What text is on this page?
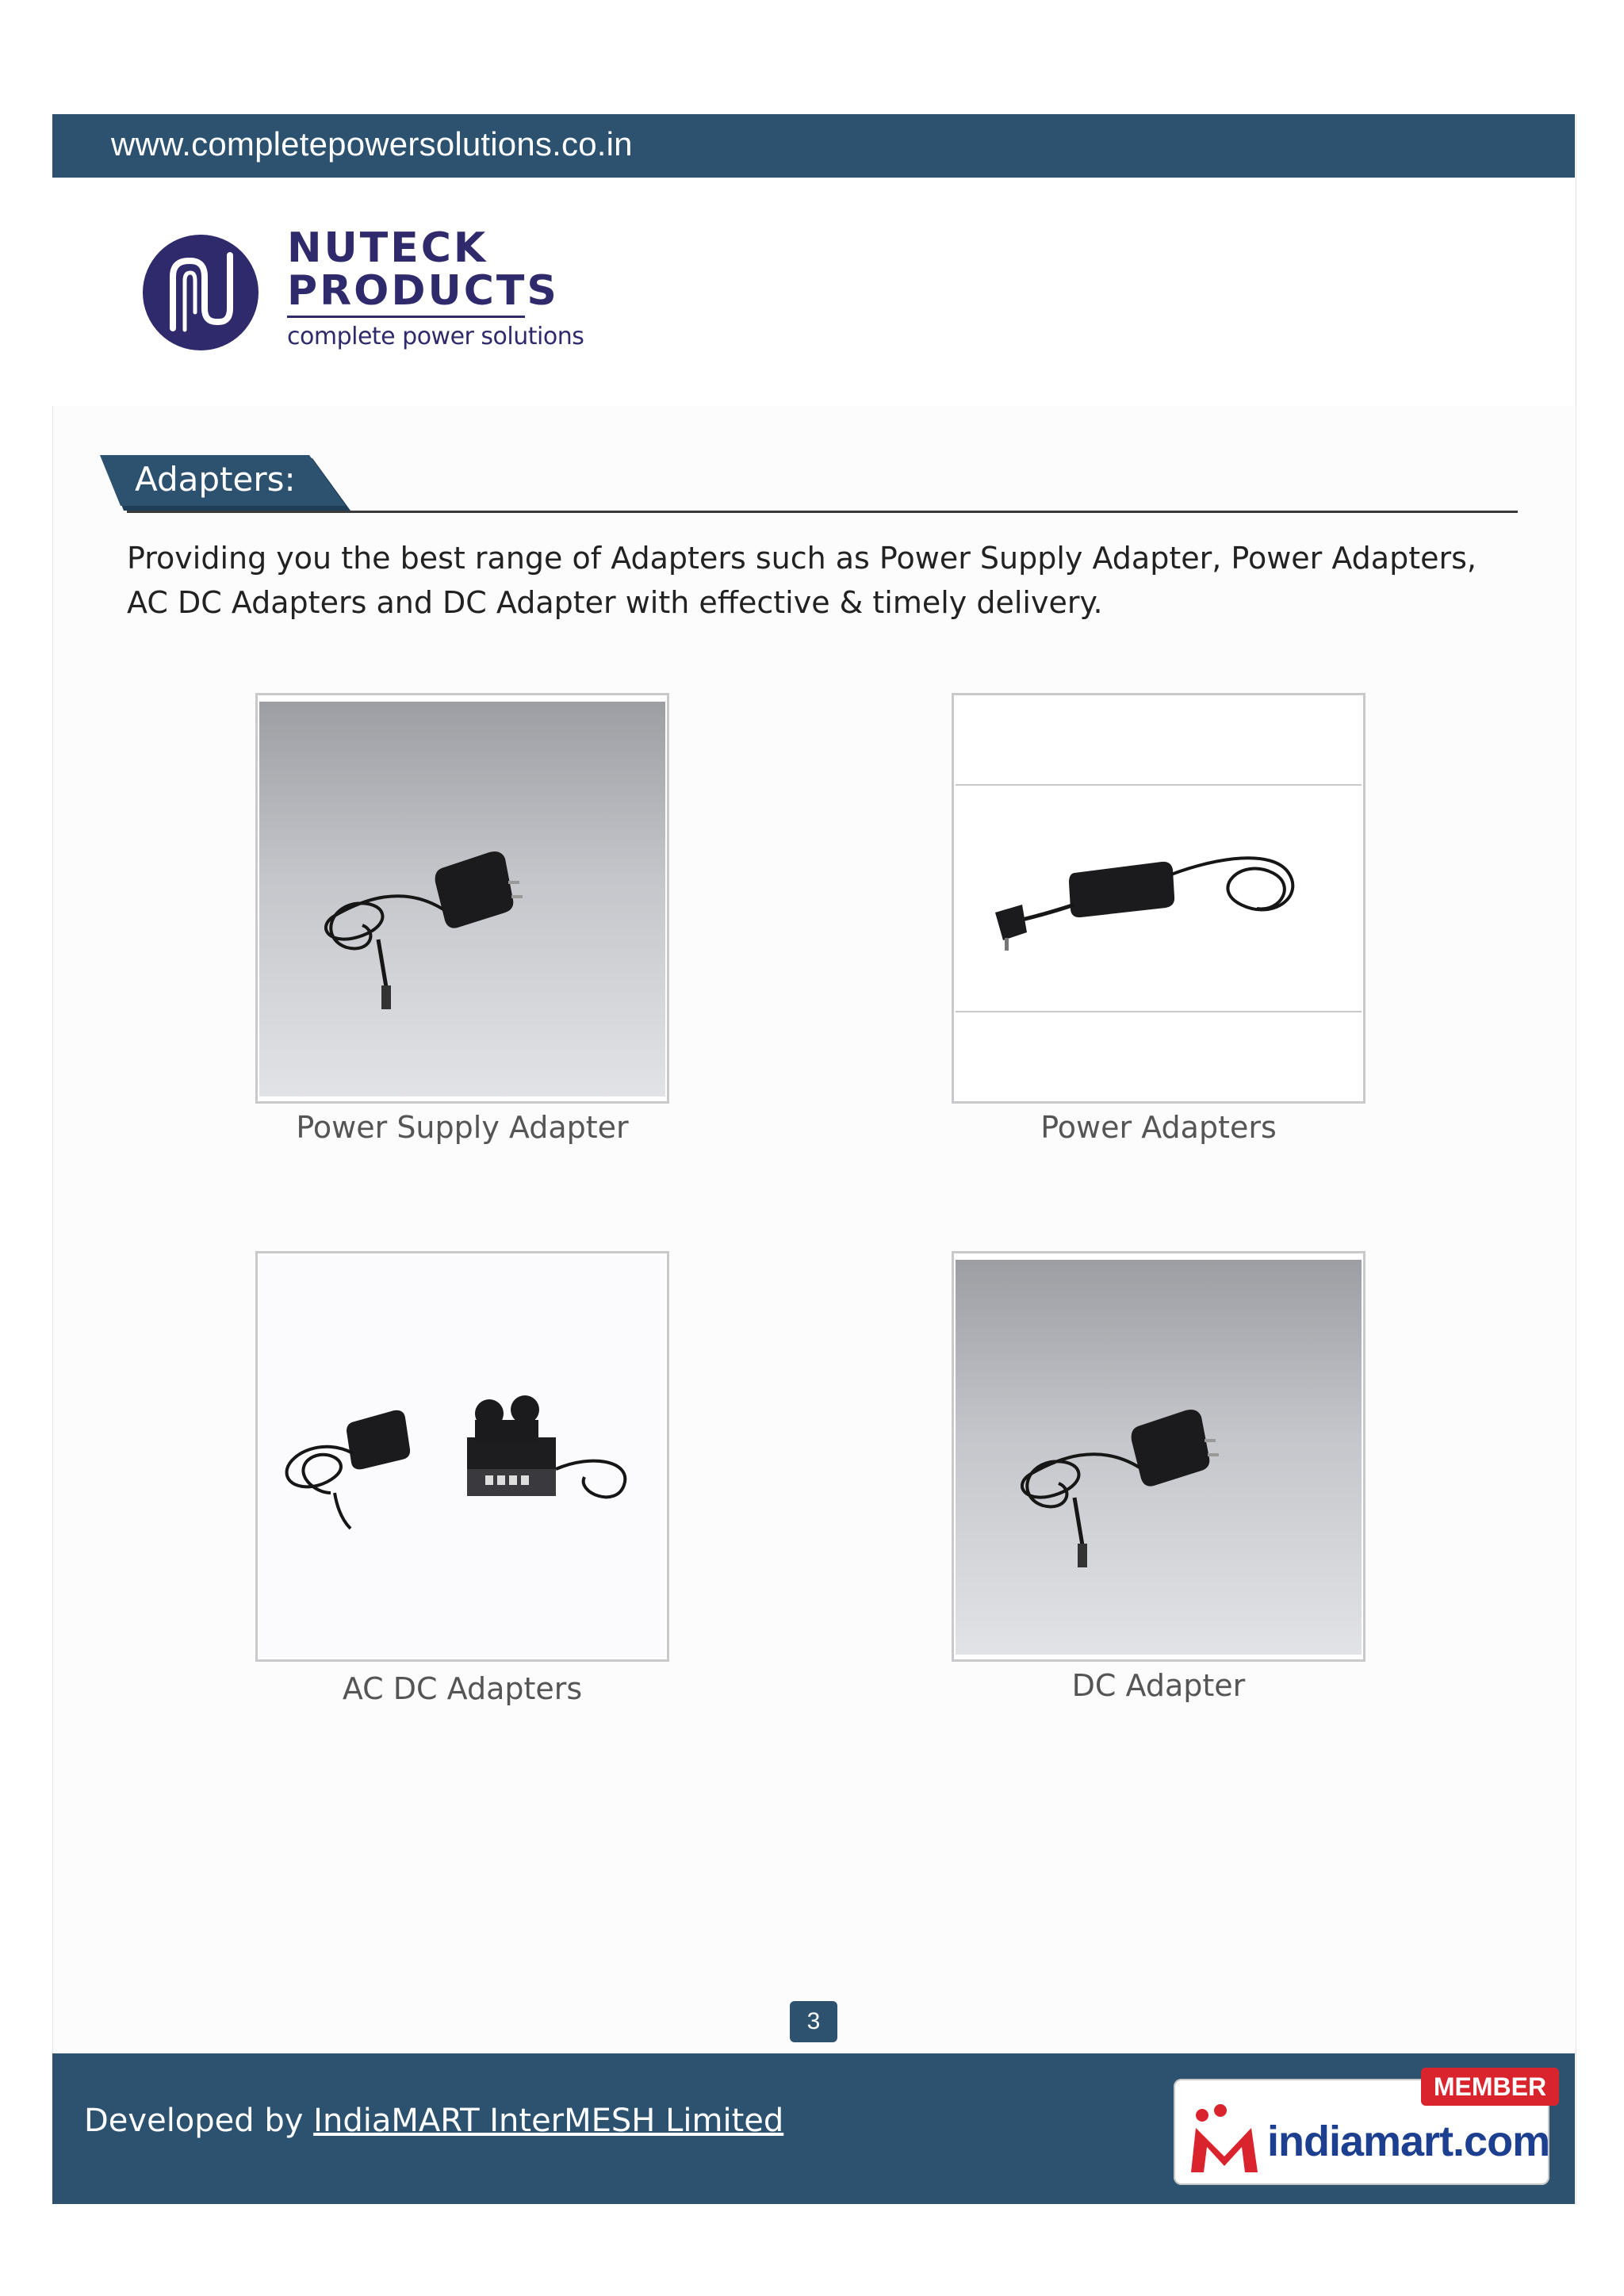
www.completepowersolutions.co.in
NUTECK
PRODUCTS
complete power solutions
Adapters:
Providing you the best range of Adapters such as Power Supply Adapter, Power Adapters, AC DC Adapters and DC Adapter with effective & timely delivery.
Power Supply Adapter	Power Adapters
AC DC Adapters	DC Adapter
3
Developed by IndiaMART InterMESH Limited
MEMBER
indiamart.com
